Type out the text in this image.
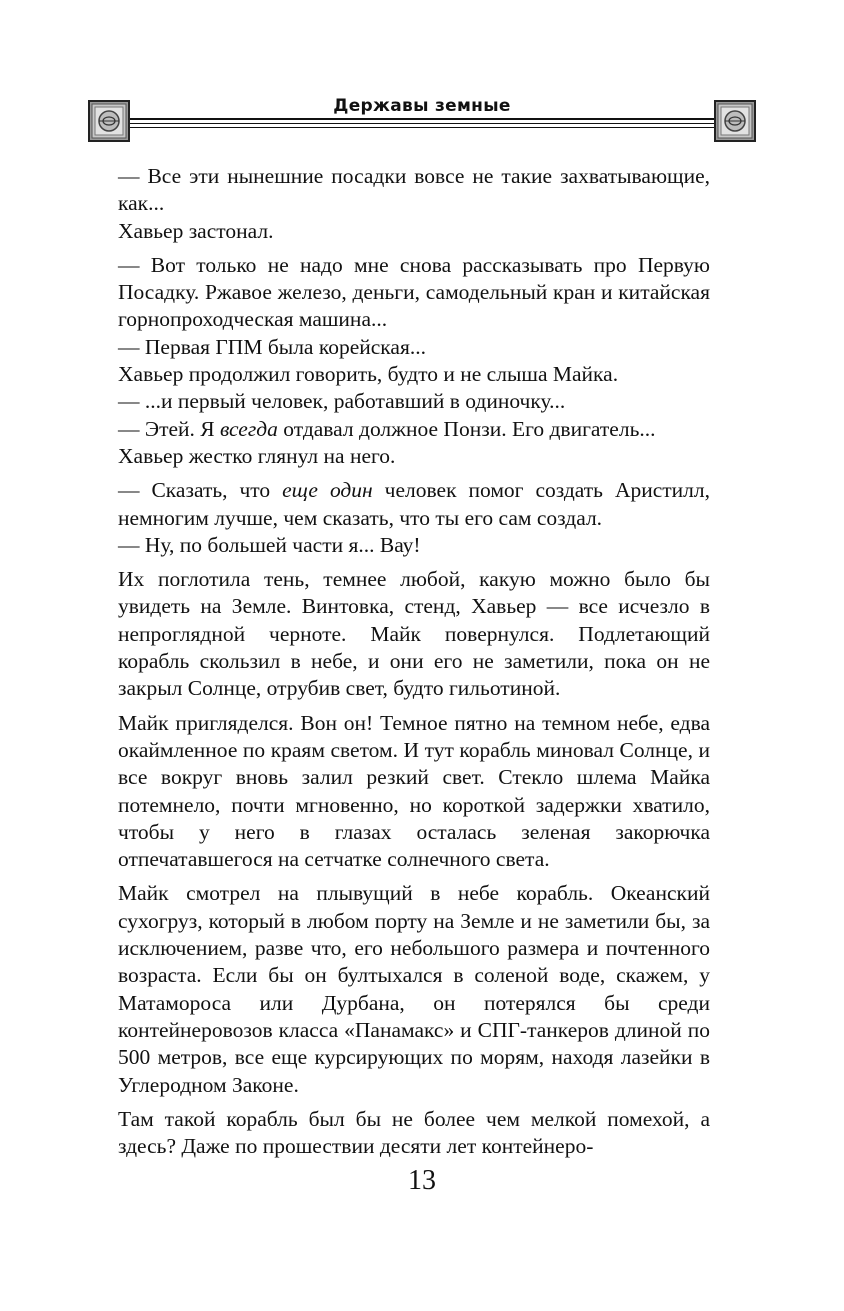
Державы земные

— Все эти нынешние посадки вовсе не такие захватывающие, как...

Хавьер застонал.

— Вот только не надо мне снова рассказывать про Первую Посадку. Ржавое железо, деньги, самодельный кран и китайская горнопроходческая машина...

— Первая ГПМ была корейская...

Хавьер продолжил говорить, будто и не слыша Майка.

— ...и первый человек, работавший в одиночку...

— Этей. Я всегда отдавал должное Понзи. Его двигатель...

Хавьер жестко глянул на него.

— Сказать, что еще один человек помог создать Аристилл, немногим лучше, чем сказать, что ты его сам создал.

— Ну, по большей части я... Вау!

Их поглотила тень, темнее любой, какую можно было бы увидеть на Земле. Винтовка, стенд, Хавьер — все исчезло в непроглядной черноте. Майк повернулся. Подлетающий корабль скользил в небе, и они его не заметили, пока он не закрыл Солнце, отрубив свет, будто гильотиной.

Майк пригляделся. Вон он! Темное пятно на темном небе, едва окаймленное по краям светом. И тут корабль миновал Солнце, и все вокруг вновь залил резкий свет. Стекло шлема Майка потемнело, почти мгновенно, но короткой задержки хватило, чтобы у него в глазах осталась зеленая закорючка отпечатавшегося на сетчатке солнечного света.

Майк смотрел на плывущий в небе корабль. Океанский сухогруз, который в любом порту на Земле и не заметили бы, за исключением, разве что, его небольшого размера и почтенного возраста. Если бы он бултыхался в соленой воде, скажем, у Матамороса или Дурбана, он потерялся бы среди контейнеровозов класса «Панамакс» и СПГ-танкеров длиной по 500 метров, все еще курсирующих по морям, находя лазейки в Углеродном Законе.

Там такой корабль был бы не более чем мелкой помехой, а здесь? Даже по прошествии десяти лет контейнеро-

13
